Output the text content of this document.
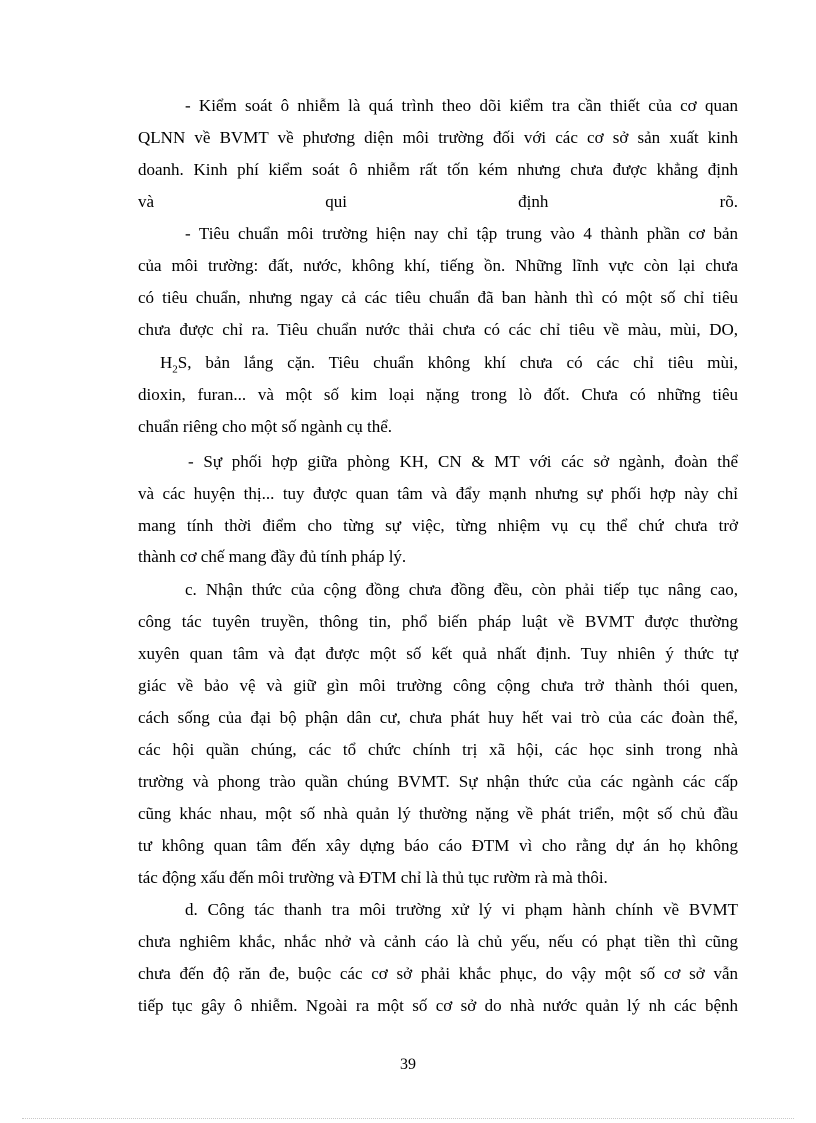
- Kiểm soát ô nhiễm là quá trình theo dõi kiểm tra cần thiết của cơ quan
QLNN về BVMT về phương diện môi trường đối với các cơ sở sản xuất kinh
doanh. Kinh phí kiểm soát ô nhiễm rất tốn kém nhưng chưa được khẳng định
và	qui	định	rõ.
- Tiêu chuẩn môi trường hiện nay chỉ tập trung vào 4 thành phần cơ bản
của môi trường: đất, nước, không khí, tiếng ồn. Những lĩnh vực còn lại chưa
có tiêu chuẩn, nhưng ngay cả các tiêu chuẩn đã ban hành thì có một số chỉ tiêu
chưa được chỉ ra. Tiêu chuẩn nước thải chưa có các chỉ tiêu về màu, mùi, DO,
$H_2$ S, bản lắng cặn. Tiêu chuẩn không khí chưa có các chỉ tiêu mùi,
dioxin, furan... và một số kim loại nặng trong lò đốt. Chưa có những tiêu
chuẩn riêng cho một số ngành cụ thể.
- Sự phối hợp giữa phòng KH, CN & MT với các sở ngành, đoàn thể
và các huyện thị... tuy được quan tâm và đẩy mạnh nhưng sự phối hợp này chỉ
mang tính thời điểm cho từng sự việc, từng nhiệm vụ cụ thể chứ chưa trở
thành cơ chế mang đầy đủ tính pháp lý.
c. Nhận thức của cộng đồng chưa đồng đều, còn phải tiếp tục nâng cao,
công tác tuyên truyền, thông tin, phổ biến pháp luật về BVMT được thường
xuyên quan tâm và đạt được một số kết quả nhất định. Tuy nhiên ý thức tự
giác về bảo vệ và giữ gìn môi trường công cộng chưa trở thành thói quen,
cách sống của đại bộ phận dân cư, chưa phát huy hết vai trò của các đoàn thể,
các hội quần chúng, các tổ chức chính trị xã hội, các học sinh trong nhà
trường và phong trào quần chúng BVMT. Sự nhận thức của các ngành các cấp
cũng khác nhau, một số nhà quản lý thường nặng về phát triển, một số chủ đầu
tư không quan tâm đến xây dựng báo cáo ĐTM vì cho rằng dự án họ không
tác động xấu đến môi trường và ĐTM chỉ là thủ tục rườm rà mà thôi.
d. Công tác thanh tra môi trường xử lý vi phạm hành chính về BVMT
chưa nghiêm khắc, nhắc nhở và cảnh cáo là chủ yếu, nếu có phạt tiền thì cũng
chưa đến độ răn đe, buộc các cơ sở phải khắc phục, do vậy một số cơ sở vẫn
tiếp tục gây ô nhiễm. Ngoài ra một số cơ sở do nhà nước quản lý nh các bệnh
39
